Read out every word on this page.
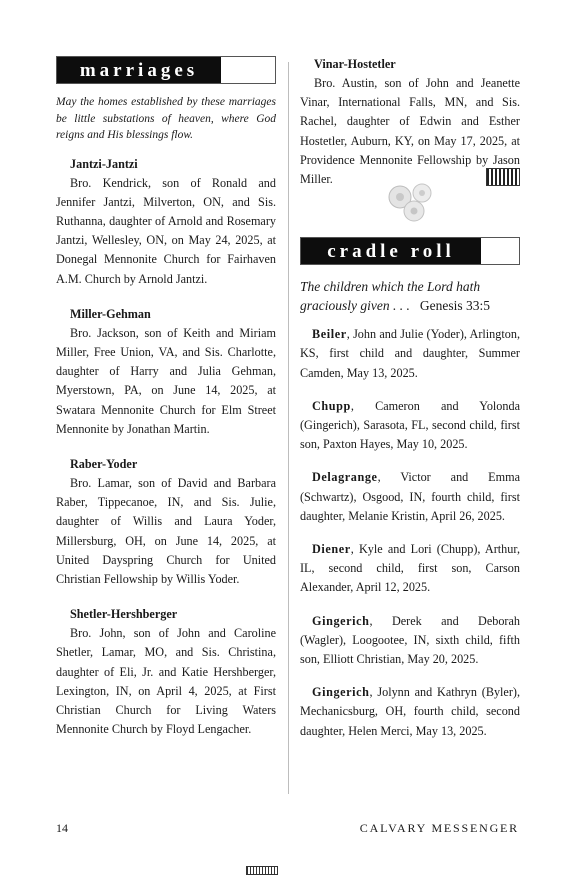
marriages

May the homes established by these marriages be little substations of heaven, where God reigns and His blessings flow.

Jantzi-Jantzi

Bro. Kendrick, son of Ronald and Jennifer Jantzi, Milverton, ON, and Sis. Ruthanna, daughter of Arnold and Rosemary Jantzi, Wellesley, ON, on May 24, 2025, at Donegal Mennonite Church for Fairhaven A.M. Church by Arnold Jantzi.

Miller-Gehman

Bro. Jackson, son of Keith and Miriam Miller, Free Union, VA, and Sis. Charlotte, daughter of Harry and Julia Gehman, Myerstown, PA, on June 14, 2025, at Swatara Mennonite Church for Elm Street Mennonite by Jonathan Martin.

Raber-Yoder

Bro. Lamar, son of David and Barbara Raber, Tippecanoe, IN, and Sis. Julie, daughter of Willis and Laura Yoder, Millersburg, OH, on June 14, 2025, at United Dayspring Church for United Christian Fellowship by Willis Yoder.

Shetler-Hershberger

Bro. John, son of John and Caroline Shetler, Lamar, MO, and Sis. Christina, daughter of Eli, Jr. and Katie Hershberger, Lexington, IN, on April 4, 2025, at First Christian Church for Living Waters Mennonite Church by Floyd Lengacher.

Vinar-Hostetler

Bro. Austin, son of John and Jeanette Vinar, International Falls, MN, and Sis. Rachel, daughter of Edwin and Esther Hostetler, Auburn, KY, on May 17, 2025, at Providence Mennonite Fellowship by Jason Miller.

cradle roll

The children which the Lord hath graciously given . . . Genesis 33:5

Beiler, John and Julie (Yoder), Arlington, KS, first child and daughter, Summer Camden, May 13, 2025.

Chupp, Cameron and Yolonda (Gingerich), Sarasota, FL, second child, first son, Paxton Hayes, May 10, 2025.

Delagrange, Victor and Emma (Schwartz), Osgood, IN, fourth child, first daughter, Melanie Kristin, April 26, 2025.

Diener, Kyle and Lori (Chupp), Arthur, IL, second child, first son, Carson Alexander, April 12, 2025.

Gingerich, Derek and Deborah (Wagler), Loogootee, IN, sixth child, fifth son, Elliott Christian, May 20, 2025.

Gingerich, Jolynn and Kathryn (Byler), Mechanicsburg, OH, fourth child, second daughter, Helen Merci, May 13, 2025.

14	CALVARY MESSENGER
